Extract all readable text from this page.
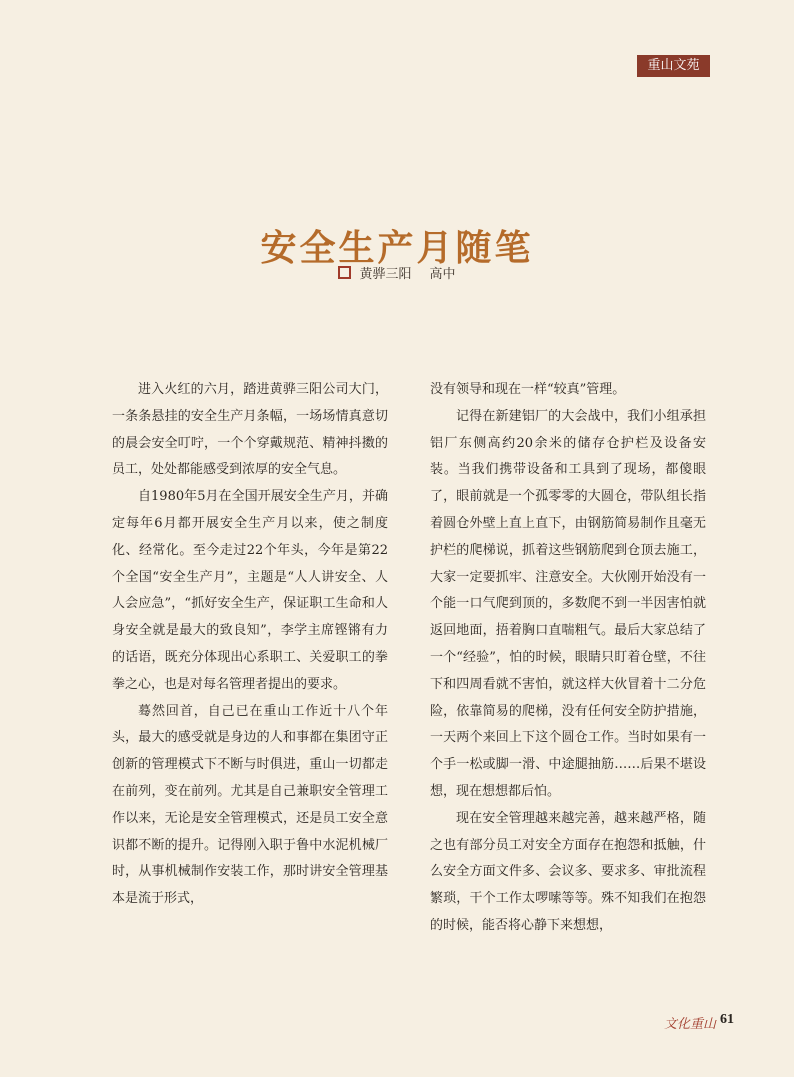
重山文苑
安全生产月随笔
黄骅三阳 高中

进入火红的六月，踏进黄骅三阳公司大门，一条条悬挂的安全生产月条幅，一场场情真意切的晨会安全叮咛，一个个穿戴规范、精神抖擞的员工，处处都能感受到浓厚的安全气息。

自1980年5月在全国开展安全生产月，并确定每年6月都开展安全生产月以来，使之制度化、经常化。至今走过22个年头，今年是第22个全国“安全生产月”，主题是“人人讲安全、人人会应急”，“抓好安全生产，保证职工生命和人身安全就是最大的致良知”，李学主席铿锵有力的话语，既充分体现出心系职工、关爱职工的拳拳之心，也是对每名管理者提出的要求。

蓦然回首，自己已在重山工作近十八个年头，最大的感受就是身边的人和事都在集团守正创新的管理模式下不断与时俱进，重山一切都走在前列，变在前列。尤其是自己兼职安全管理工作以来，无论是安全管理模式，还是员工安全意识都不断的提升。记得刚入职于鲁中水泥机械厂时，从事机械制作安装工作，那时讲安全管理基本是流于形式，

没有领导和现在一样“较真”管理。

记得在新建铝厂的大会战中，我们小组承担铝厂东侧高约20余米的储存仓护栏及设备安装。当我们携带设备和工具到了现场，都傻眼了，眼前就是一个孤零零的大圆仓，带队组长指着圆仓外壁上直上直下，由钢筋简易制作且毫无护栏的爬梯说，抓着这些钢筋爬到仓顶去施工，大家一定要抓牢、注意安全。大伙刚开始没有一个能一口气爬到顶的，多数爬不到一半因害怕就返回地面，捂着胸口直喘粗气。最后大家总结了一个“经验”，怕的时候，眼睛只盯着仓壁，不往下和四周看就不害怕，就这样大伙冒着十二分危险，依靠简易的爬梯，没有任何安全防护措施，一天两个来回上下这个圆仓工作。当时如果有一个手一松或脚一滑、中途腿抽筋……后果不堪设想，现在想想都后怕。

现在安全管理越来越完善，越来越严格，随之也有部分员工对安全方面存在抱怨和抵触，什么安全方面文件多、会议多、要求多、审批流程繁琐，干个工作太啰嗦等等。殊不知我们在抱怨的时候，能否将心静下来想想，

文化重山 61
